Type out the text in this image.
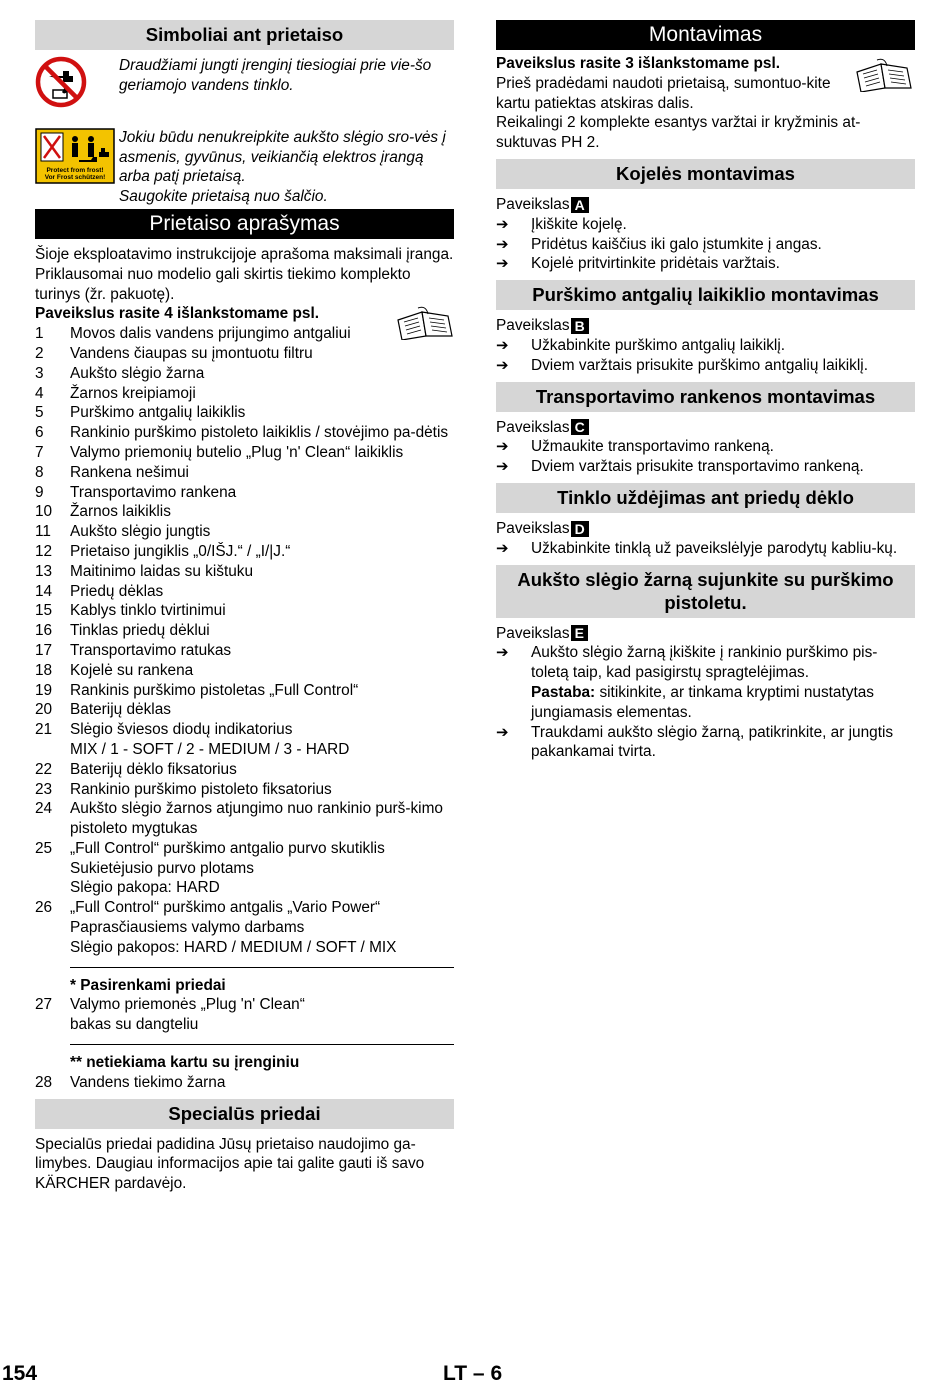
Simboliai ant prietaiso
Draudžiami jungti įrenginį tiesiogiai prie vie-šo geriamojo vandens tinklo.
Protect from frost!
Vor Frost schützen!
Jokiu būdu nenukreipkite aukšto slėgio sro-vės į asmenis, gyvūnus, veikiančią elektros įrangą arba patį prietaisą.
Saugokite prietaisą nuo šalčio.
Prietaiso aprašymas

Šioje eksploatavimo instrukcijoje aprašoma maksimali įranga. Priklausomai nuo modelio gali skirtis tiekimo komplekto turinys (žr. pakuotę).

Paveikslus rasite 4 išlankstomame psl.

1	Movos dalis vandens prijungimo antgaliui
2	Vandens čiaupas su įmontuotu filtru
3	Aukšto slėgio žarna
4	Žarnos kreipiamoji
5	Purškimo antgalių laikiklis
6	Rankinio purškimo pistoleto laikiklis / stovėjimo pa-dėtis
7	Valymo priemonių butelio „Plug 'n' Clean“ laikiklis
8	Rankena nešimui
9	Transportavimo rankena
10	Žarnos laikiklis
11	Aukšto slėgio jungtis
12	Prietaiso jungiklis „0/IŠJ.“ / „I/|J.“
13	Maitinimo laidas su kištuku
14	Priedų dėklas
15	Kablys tinklo tvirtinimui
16	Tinklas priedų dėklui
17	Transportavimo ratukas
18	Kojelė su rankena
19	Rankinis purškimo pistoletas „Full Control“
20	Baterijų dėklas
21	Slėgio šviesos diodų indikatorius
MIX / 1 - SOFT / 2 - MEDIUM / 3 - HARD
22	Baterijų dėklo fiksatorius
23	Rankinio purškimo pistoleto fiksatorius
24	Aukšto slėgio žarnos atjungimo nuo rankinio purš-kimo pistoleto mygtukas
25	„Full Control“ purškimo antgalio purvo skutiklis
Sukietėjusio purvo plotams
Slėgio pakopa: HARD
26	„Full Control“ purškimo antgalis „Vario Power“
Paprasčiausiems valymo darbams
Slėgio pakopos: HARD / MEDIUM / SOFT / MIX
* Pasirenkami priedai
27	Valymo priemonės „Plug 'n' Clean“
bakas su dangteliu
** netiekiama kartu su įrenginiu
28	Vandens tiekimo žarna
Specialūs priedai

Specialūs priedai padidina Jūsų prietaiso naudojimo ga-limybes. Daugiau informacijos apie tai galite gauti iš savo KÄRCHER pardavėjo.

Montavimas

Paveikslus rasite 3 išlankstomame psl.

Prieš pradėdami naudoti prietaisą, sumontuo-kite kartu patiektas atskiras dalis.

Reikalingi 2 komplekte esantys varžtai ir kryžminis at-suktuvas PH 2.

Kojelės montavimas
Paveikslas A
➔	Įkiškite kojelę.
➔	Pridėtus kaiščius iki galo įstumkite į angas.
➔	Kojelė pritvirtinkite pridėtais varžtais.
Purškimo antgalių laikiklio montavimas
Paveikslas B
➔	Užkabinkite purškimo antgalių laikiklį.
➔	Dviem varžtais prisukite purškimo antgalių laikiklį.
Transportavimo rankenos montavimas
Paveikslas C
➔	Užmaukite transportavimo rankeną.
➔	Dviem varžtais prisukite transportavimo rankeną.
Tinklo uždėjimas ant priedų dėklo
Paveikslas D
➔	Užkabinkite tinklą už paveikslėlyje parodytų kabliu-kų.
Aukšto slėgio žarną sujunkite su purškimo pistoletu.
Paveikslas E
➔	Aukšto slėgio žarną įkiškite į rankinio purškimo pis-toletą taip, kad pasigirstų spragtelėjimas.
Pastaba: sitikinkite, ar tinkama kryptimi nustatytas jungiamasis elementas.
➔	Traukdami aukšto slėgio žarną, patikrinkite, ar jungtis pakankamai tvirta.
154	LT – 6
